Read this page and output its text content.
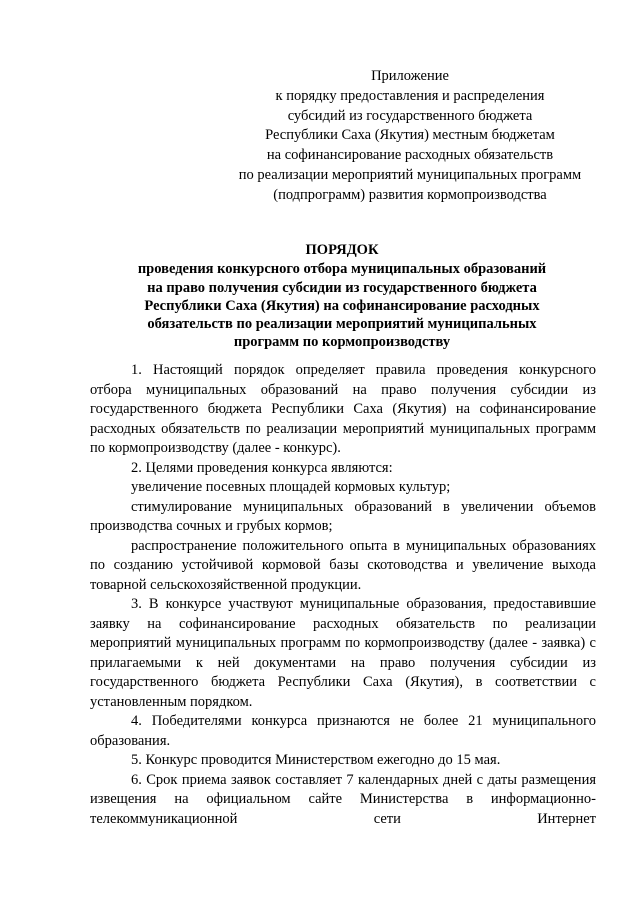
Приложение
к порядку предоставления и распределения
субсидий из государственного бюджета
Республики Саха (Якутия) местным бюджетам
на софинансирование расходных обязательств
по реализации мероприятий муниципальных программ
(подпрограмм) развития кормопроизводства
ПОРЯДОК
проведения конкурсного отбора муниципальных образований
на право получения субсидии из государственного бюджета
Республики Саха (Якутия) на софинансирование расходных
обязательств по реализации мероприятий муниципальных
программ по кормопроизводству

1. Настоящий порядок определяет правила проведения конкурсного отбора муниципальных образований на право получения субсидии из государственного бюджета Республики Саха (Якутия) на софинансирование расходных обязательств по реализации мероприятий муниципальных программ по кормопроизводству (далее - конкурс).

2. Целями проведения конкурса являются:

увеличение посевных площадей кормовых культур;

стимулирование муниципальных образований в увеличении объемов производства сочных и грубых кормов;

распространение положительного опыта в муниципальных образованиях по созданию устойчивой кормовой базы скотоводства и увеличение выхода товарной сельскохозяйственной продукции.

3. В конкурсе участвуют муниципальные образования, предоставившие заявку на софинансирование расходных обязательств по реализации мероприятий муниципальных программ по кормопроизводству (далее - заявка) с прилагаемыми к ней документами на право получения субсидии из государственного бюджета Республики Саха (Якутия), в соответствии с установленным порядком.

4. Победителями конкурса признаются не более 21 муниципального образования.

5. Конкурс проводится Министерством ежегодно до 15 мая.

6. Срок приема заявок составляет 7 календарных дней с даты размещения извещения на официальном сайте Министерства в информационно-телекоммуникационной сети Интернет
